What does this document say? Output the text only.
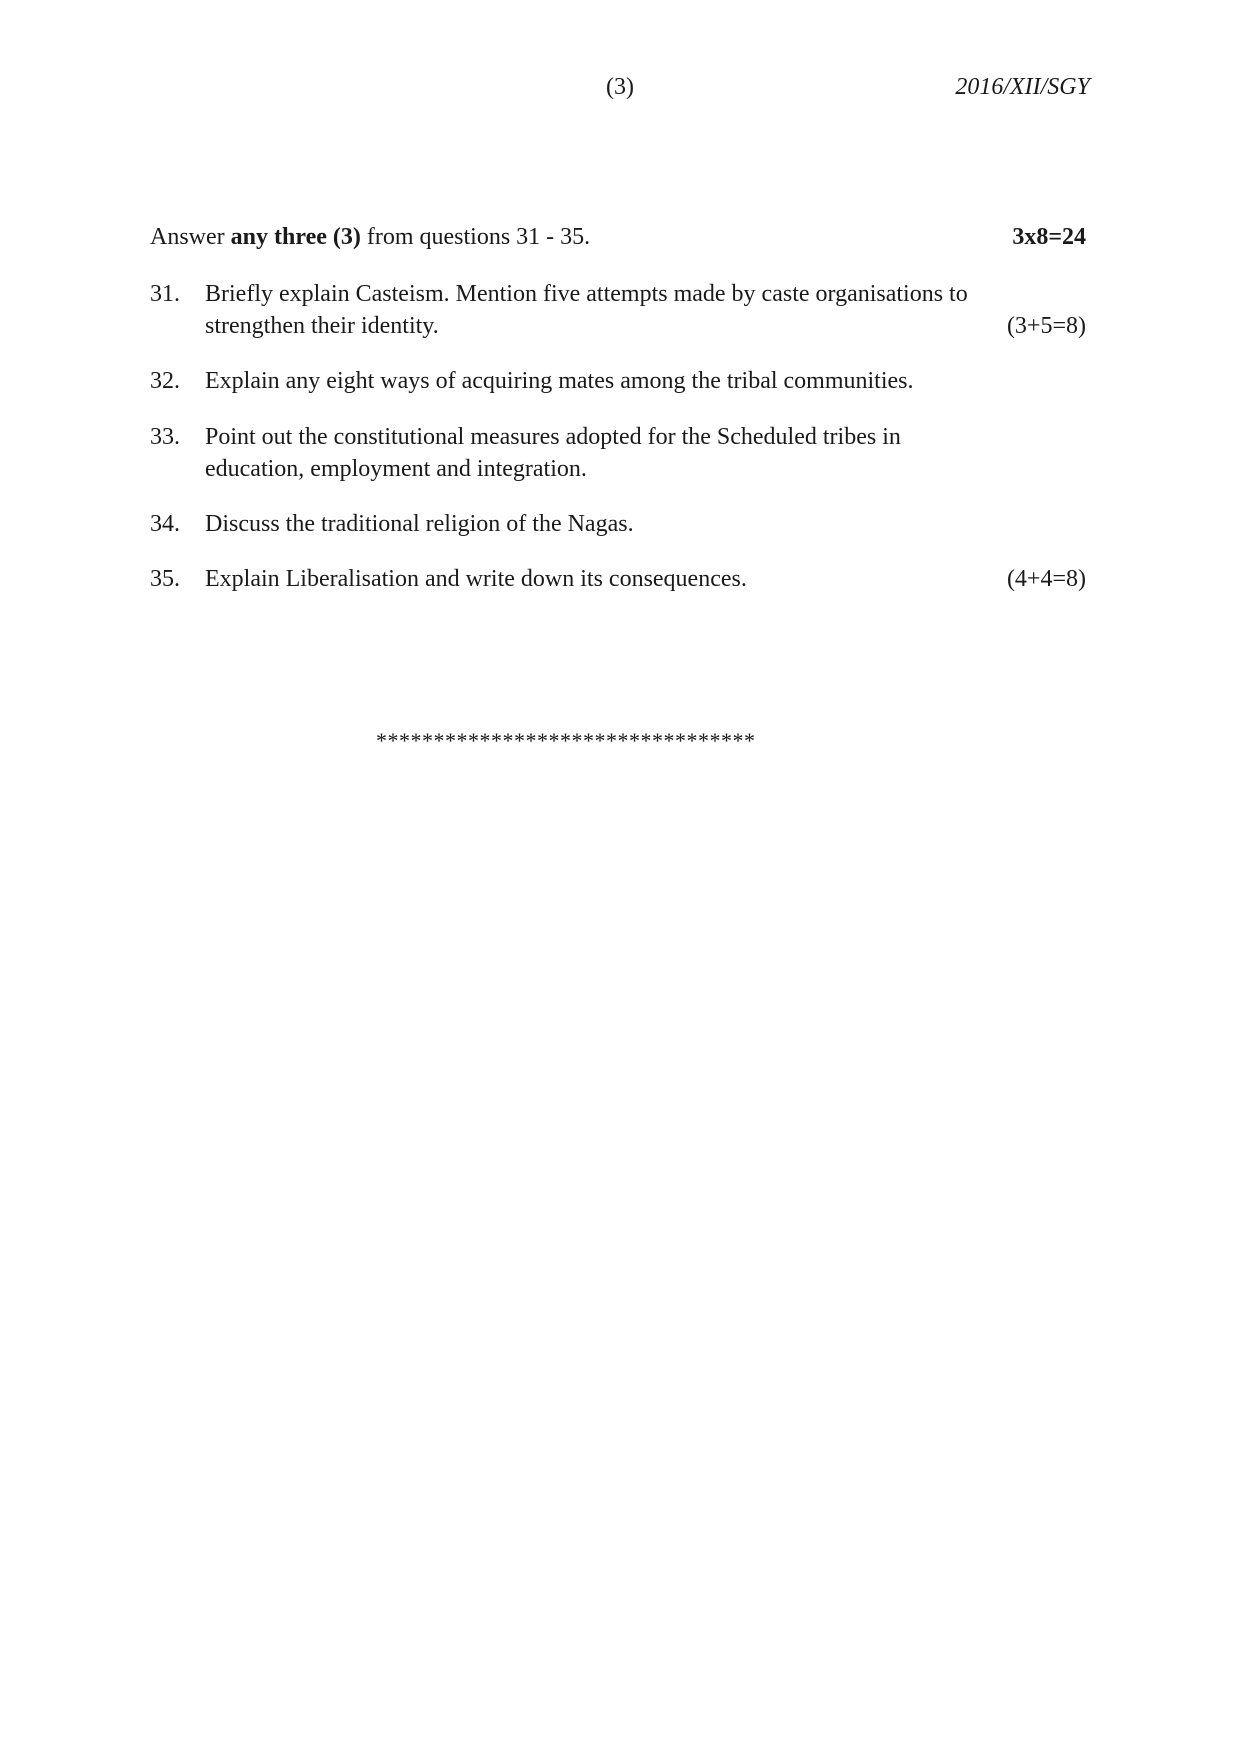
(3)	2016/XII/SGY
Answer any three (3) from questions 31 - 35.	3x8=24
31.	Briefly explain Casteism. Mention five attempts made by caste organisations to
strengthen their identity.	(3+5=8)
32.	Explain any eight ways of acquiring mates among the tribal communities.
33.	Point out the constitutional measures adopted for the Scheduled tribes in
education, employment and integration.
34.	Discuss the traditional religion of the Nagas.
35.	Explain Liberalisation and write down its consequences.	(4+4=8)
*********************************
